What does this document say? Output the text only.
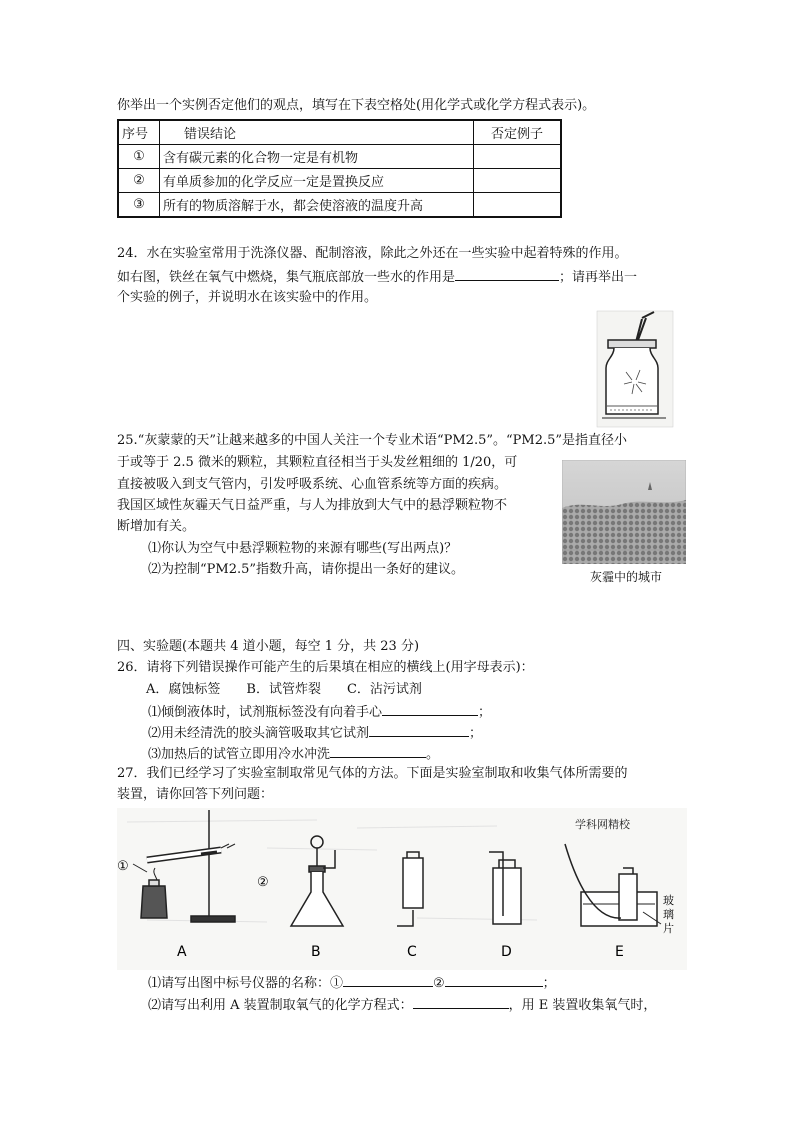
你举出一个实例否定他们的观点，填写在下表空格处(用化学式或化学方程式表示)。
序号	错误结论	否定例子
①	含有碳元素的化合物一定是有机物	
②	有单质参加的化学反应一定是置换反应	
③	所有的物质溶解于水，都会使溶液的温度升高	
24．水在实验室常用于洗涤仪器、配制溶液，除此之外还在一些实验中起着特殊的作用。
如右图，铁丝在氧气中燃烧，集气瓶底部放一些水的作用是	；请再举出一
个实验的例子，并说明水在该实验中的作用。
25.“灰蒙蒙的天”让越来越多的中国人关注一个专业术语“PM2.5”。“PM2.5”是指直径小
于或等于 2.5 微米的颗粒，其颗粒直径相当于头发丝粗细的 1/20，可
直接被吸入到支气管内，引发呼吸系统、心血管系统等方面的疾病。
我国区域性灰霾天气日益严重，与人为排放到大气中的悬浮颗粒物不
断增加有关。
⑴你认为空气中悬浮颗粒物的来源有哪些(写出两点)？
⑵为控制“PM2.5”指数升高，请你提出一条好的建议。	灰霾中的城市
四、实验题(本题共 4 道小题，每空 1 分，共 23 分)
26．请将下列错误操作可能产生的后果填在相应的横线上(用字母表示)：
A．腐蚀标签　　B．试管炸裂　　C．沾污试剂
⑴倾倒液体时，试剂瓶标签没有向着手心	；
⑵用未经清洗的胶头滴管吸取其它试剂	；
⑶加热后的试管立即用冷水冲洗	。
27．我们已经学习了实验室制取常见气体的方法。下面是实验室制取和收集气体所需要的
装置，请你回答下列问题：
学科网精校
①
②
玻
璃
片
A	B	C	D	E
⑴请写出图中标号仪器的名称：①	②	；
⑵请写出利用 A 装置制取氧气的化学方程式：	，用 E 装置收集氧气时，
